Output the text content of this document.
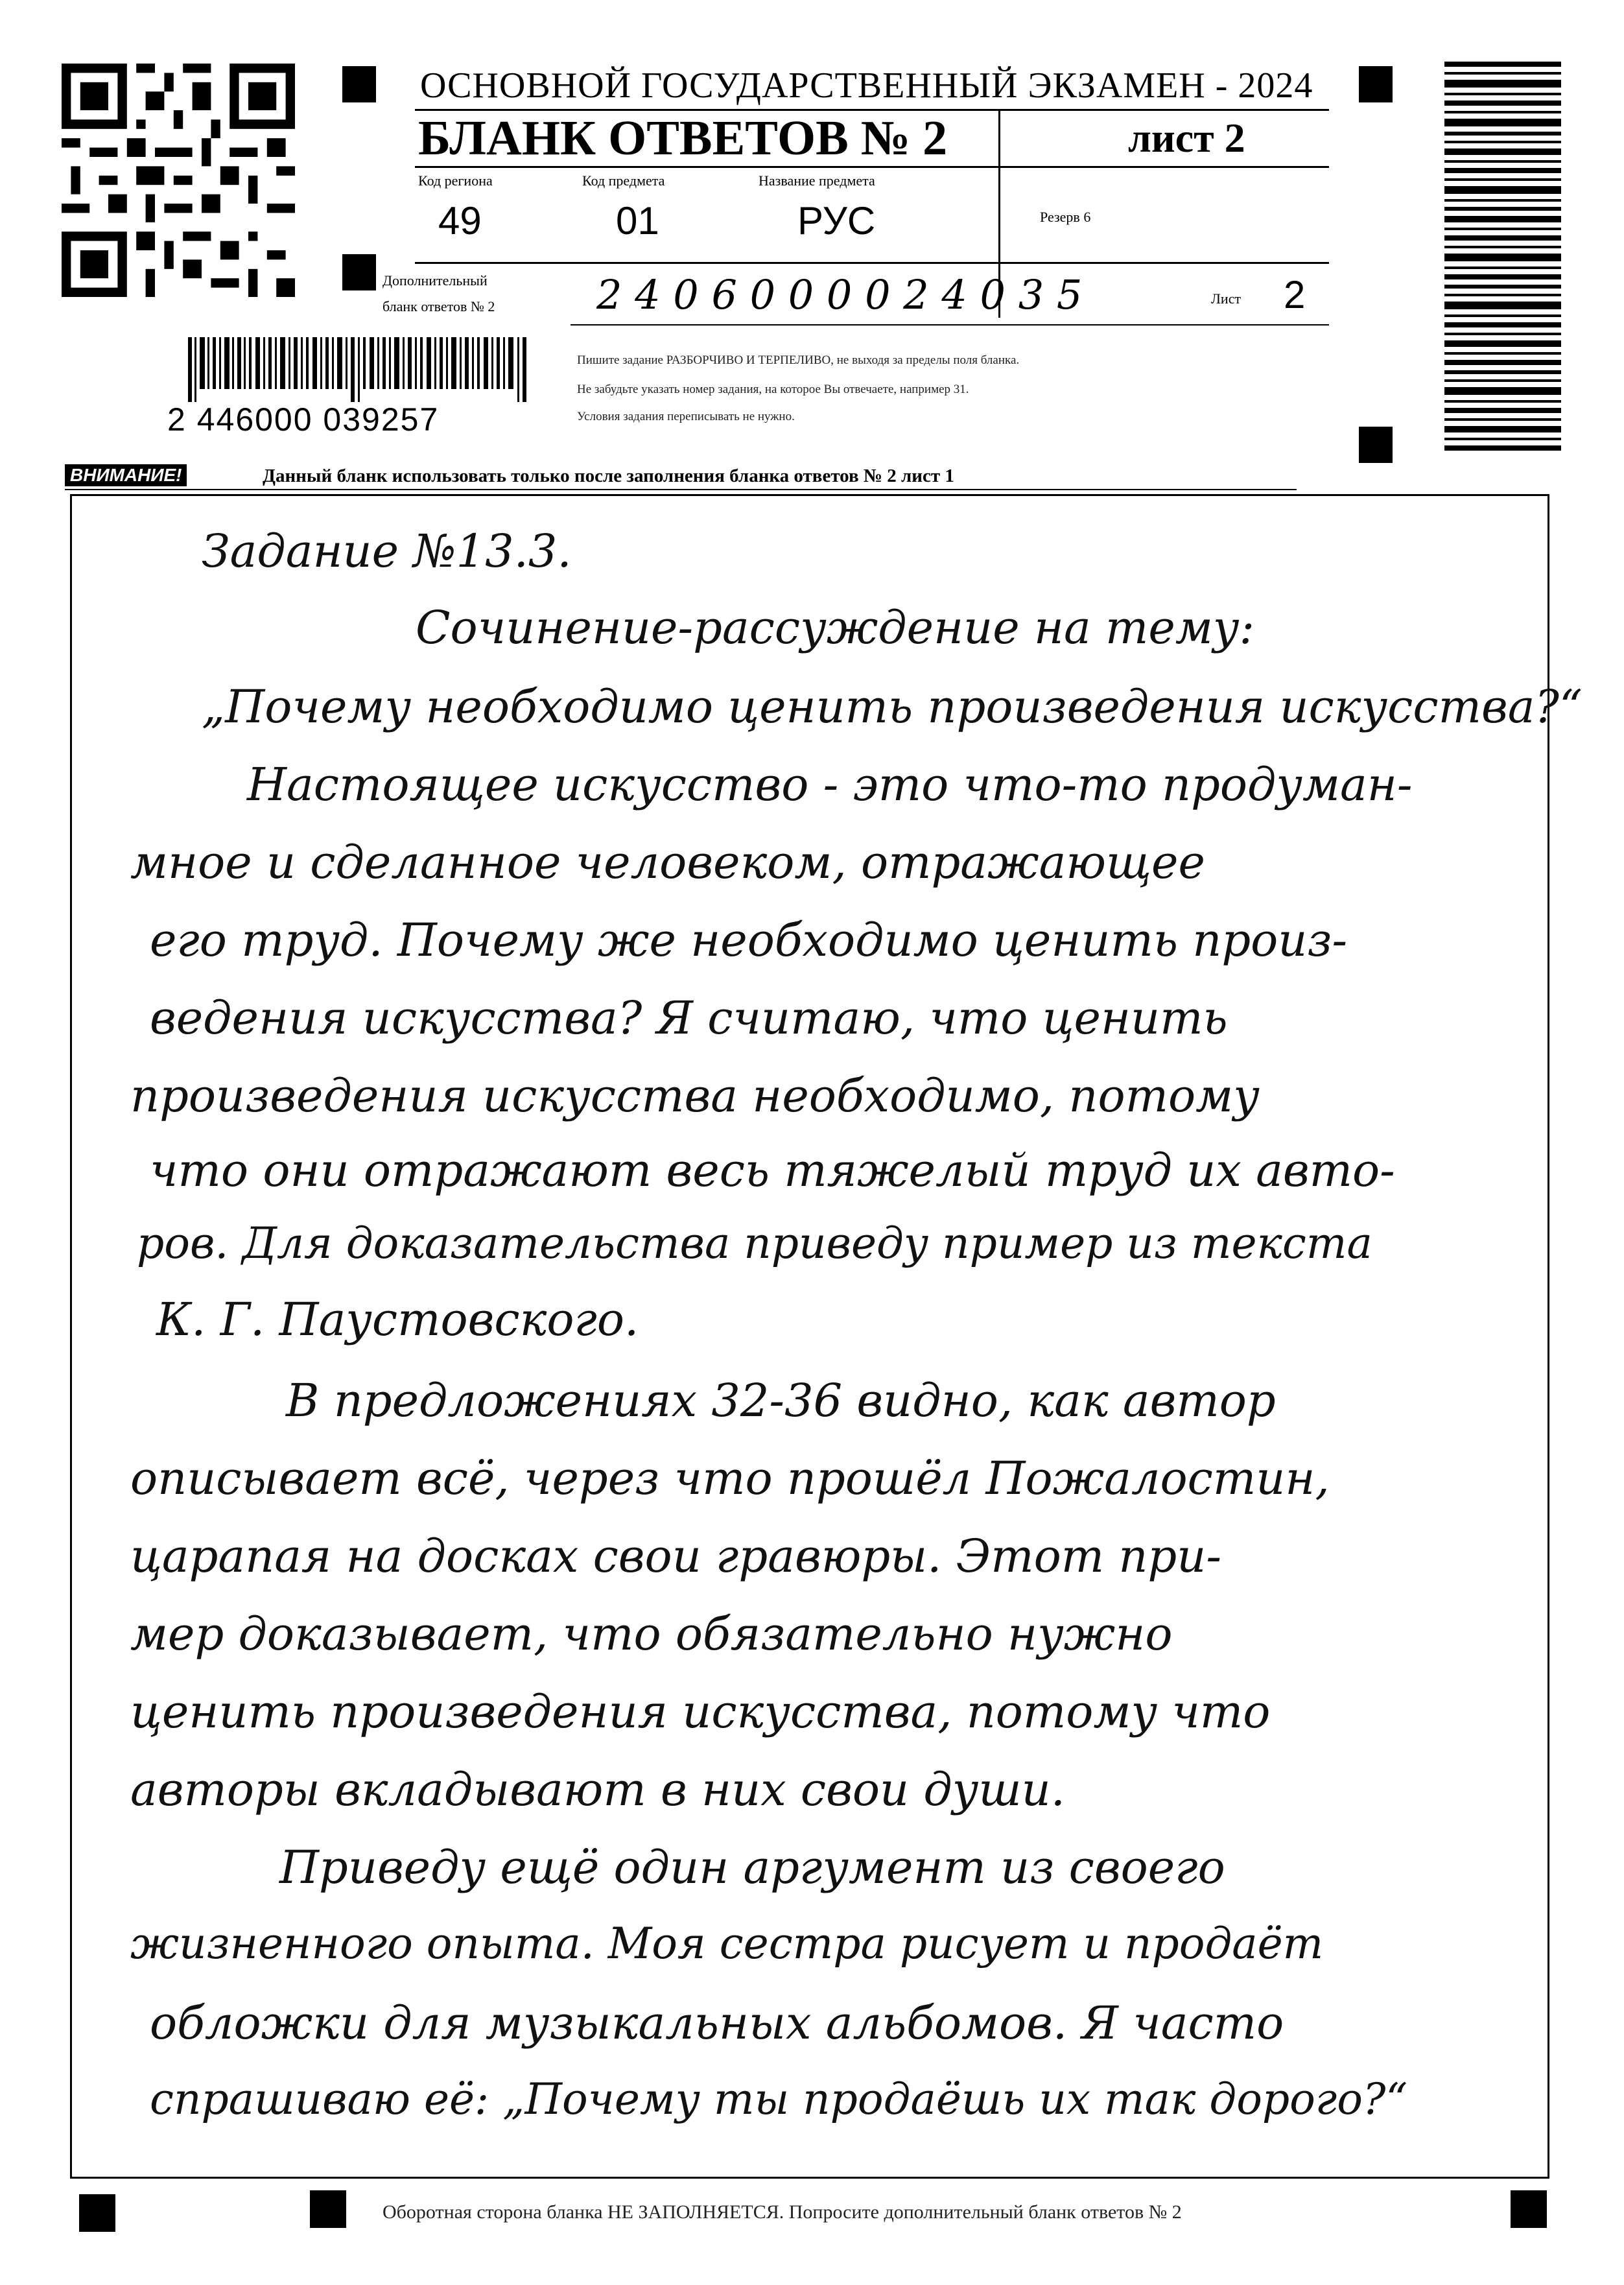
ОСНОВНОЙ ГОСУДАРСТВЕННЫЙ ЭКЗАМЕН - 2024
БЛАНК ОТВЕТОВ № 2	лист 2
Код региона
49
Код предмета
01
Название предмета
РУС	Резерв 6
Дополнительный
бланк ответов № 2	2 4 0 6 0 0 0 0 2 4 0 3 5	Лист 2
2 446000 039257
Пишите задание РАЗБОРЧИВО И ТЕРПЕЛИВО, не выходя за пределы поля бланка.
Не забудьте указать номер задания, на которое Вы отвечаете, например 31.
Условия задания переписывать не нужно.
ВНИМАНИЕ!	Данный бланк использовать только после заполнения бланка ответов № 2 лист 1
Задание №13.3.
Сочинение-рассуждение на тему:
„Почему необходимо ценить произведения искусства?“
Настоящее искусство - это что-то продуман-
мное и сделанное человеком, отражающее
его труд. Почему же необходимо ценить произ-
ведения искусства? Я считаю, что ценить
произведения искусства необходимо, потому
что они отражают весь тяжелый труд их авто-
ров. Для доказательства приведу пример из текста
К. Г. Паустовского.
В предложениях 32-36 видно, как автор
описывает всё, через что прошёл Пожалостин,
царапая на досках свои гравюры. Этот при-
мер доказывает, что обязательно нужно
ценить произведения искусства, потому что
авторы вкладывают в них свои души.
Приведу ещё один аргумент из своего
жизненного опыта. Моя сестра рисует и продаёт
обложки для музыкальных альбомов. Я часто
спрашиваю её: „Почему ты продаёшь их так дорого?“
Оборотная сторона бланка НЕ ЗАПОЛНЯЕТСЯ. Попросите дополнительный бланк ответов № 2
